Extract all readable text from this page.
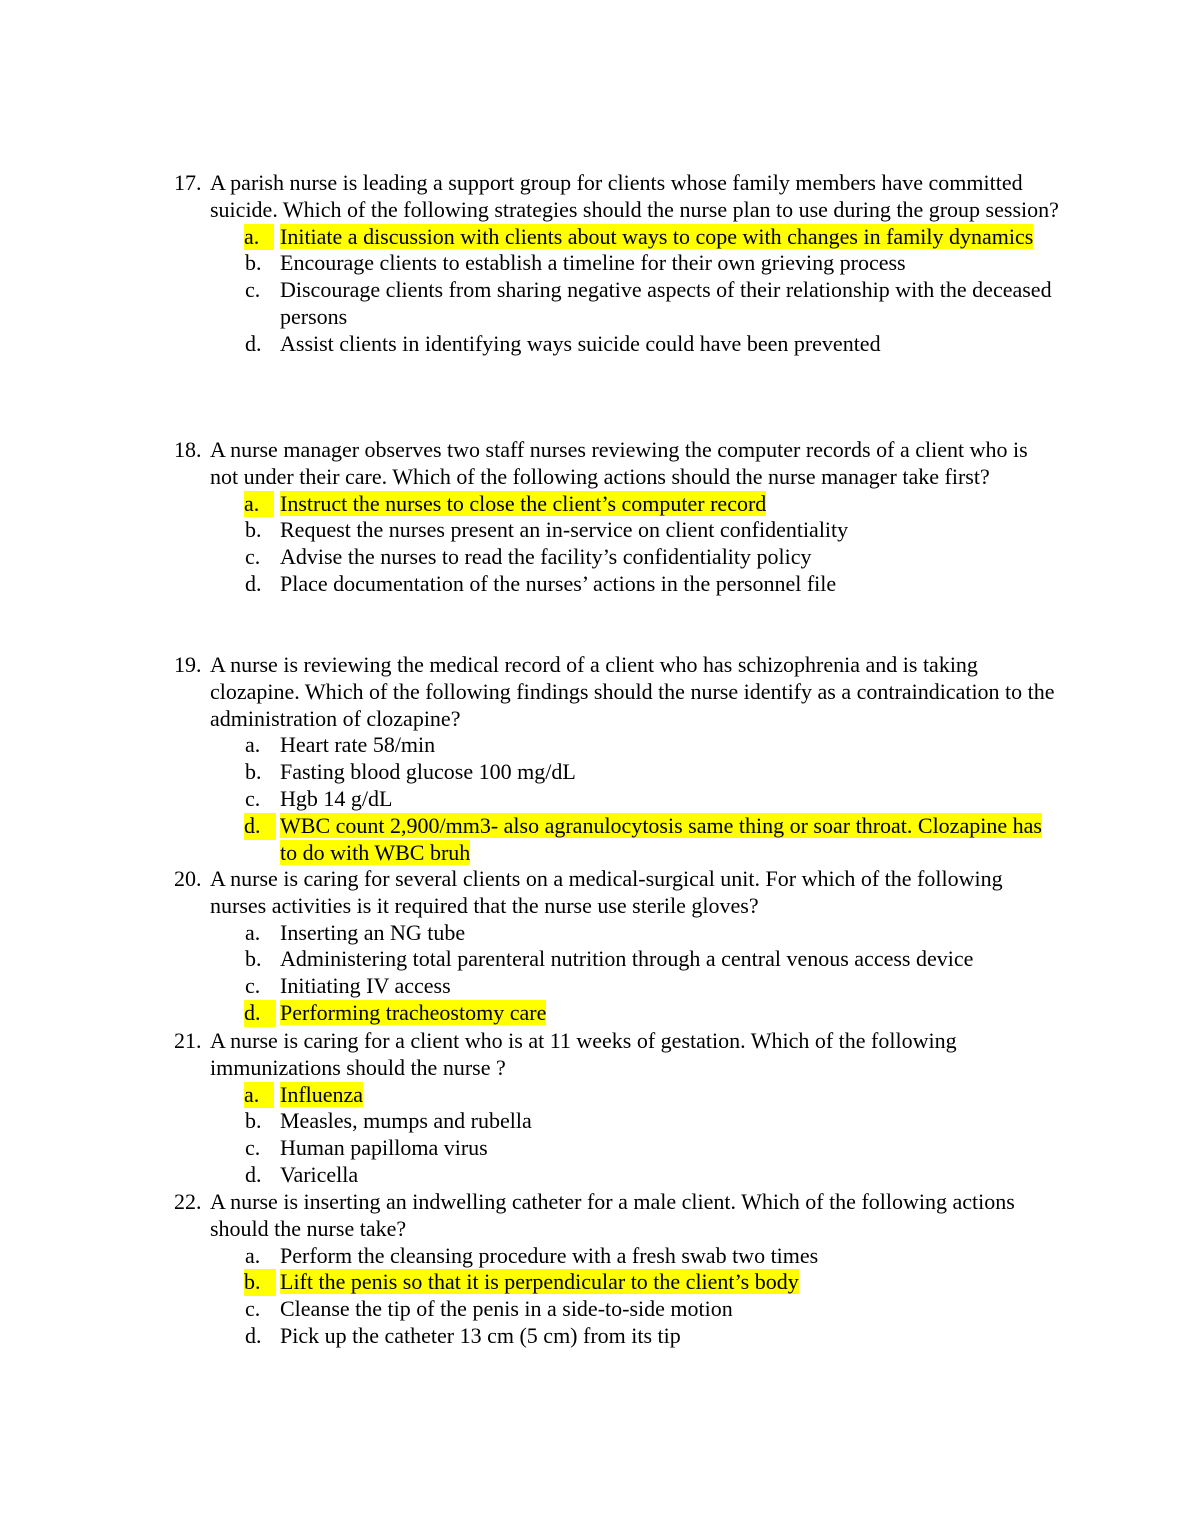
17. A parish nurse is leading a support group for clients whose family members have committed suicide. Which of the following strategies should the nurse plan to use during the group session?
a. Initiate a discussion with clients about ways to cope with changes in family dynamics
b. Encourage clients to establish a timeline for their own grieving process
c. Discourage clients from sharing negative aspects of their relationship with the deceased persons
d. Assist clients in identifying ways suicide could have been prevented
18. A nurse manager observes two staff nurses reviewing the computer records of a client who is not under their care. Which of the following actions should the nurse manager take first?
a. Instruct the nurses to close the client’s computer record
b. Request the nurses present an in-service on client confidentiality
c. Advise the nurses to read the facility’s confidentiality policy
d. Place documentation of the nurses’ actions in the personnel file
19. A nurse is reviewing the medical record of a client who has schizophrenia and is taking clozapine. Which of the following findings should the nurse identify as a contraindication to the administration of clozapine?
a. Heart rate 58/min
b. Fasting blood glucose 100 mg/dL
c. Hgb 14 g/dL
d. WBC count 2,900/mm3- also agranulocytosis same thing or soar throat. Clozapine has to do with WBC bruh
20. A nurse is caring for several clients on a medical-surgical unit. For which of the following nurses activities is it required that the nurse use sterile gloves?
a. Inserting an NG tube
b. Administering total parenteral nutrition through a central venous access device
c. Initiating IV access
d. Performing tracheostomy care
21. A nurse is caring for a client who is at 11 weeks of gestation. Which of the following immunizations should the nurse ?
a. Influenza
b. Measles, mumps and rubella
c. Human papilloma virus
d. Varicella
22. A nurse is inserting an indwelling catheter for a male client. Which of the following actions should the nurse take?
a. Perform the cleansing procedure with a fresh swab two times
b. Lift the penis so that it is perpendicular to the client’s body
c. Cleanse the tip of the penis in a side-to-side motion
d. Pick up the catheter 13 cm (5 cm) from its tip
